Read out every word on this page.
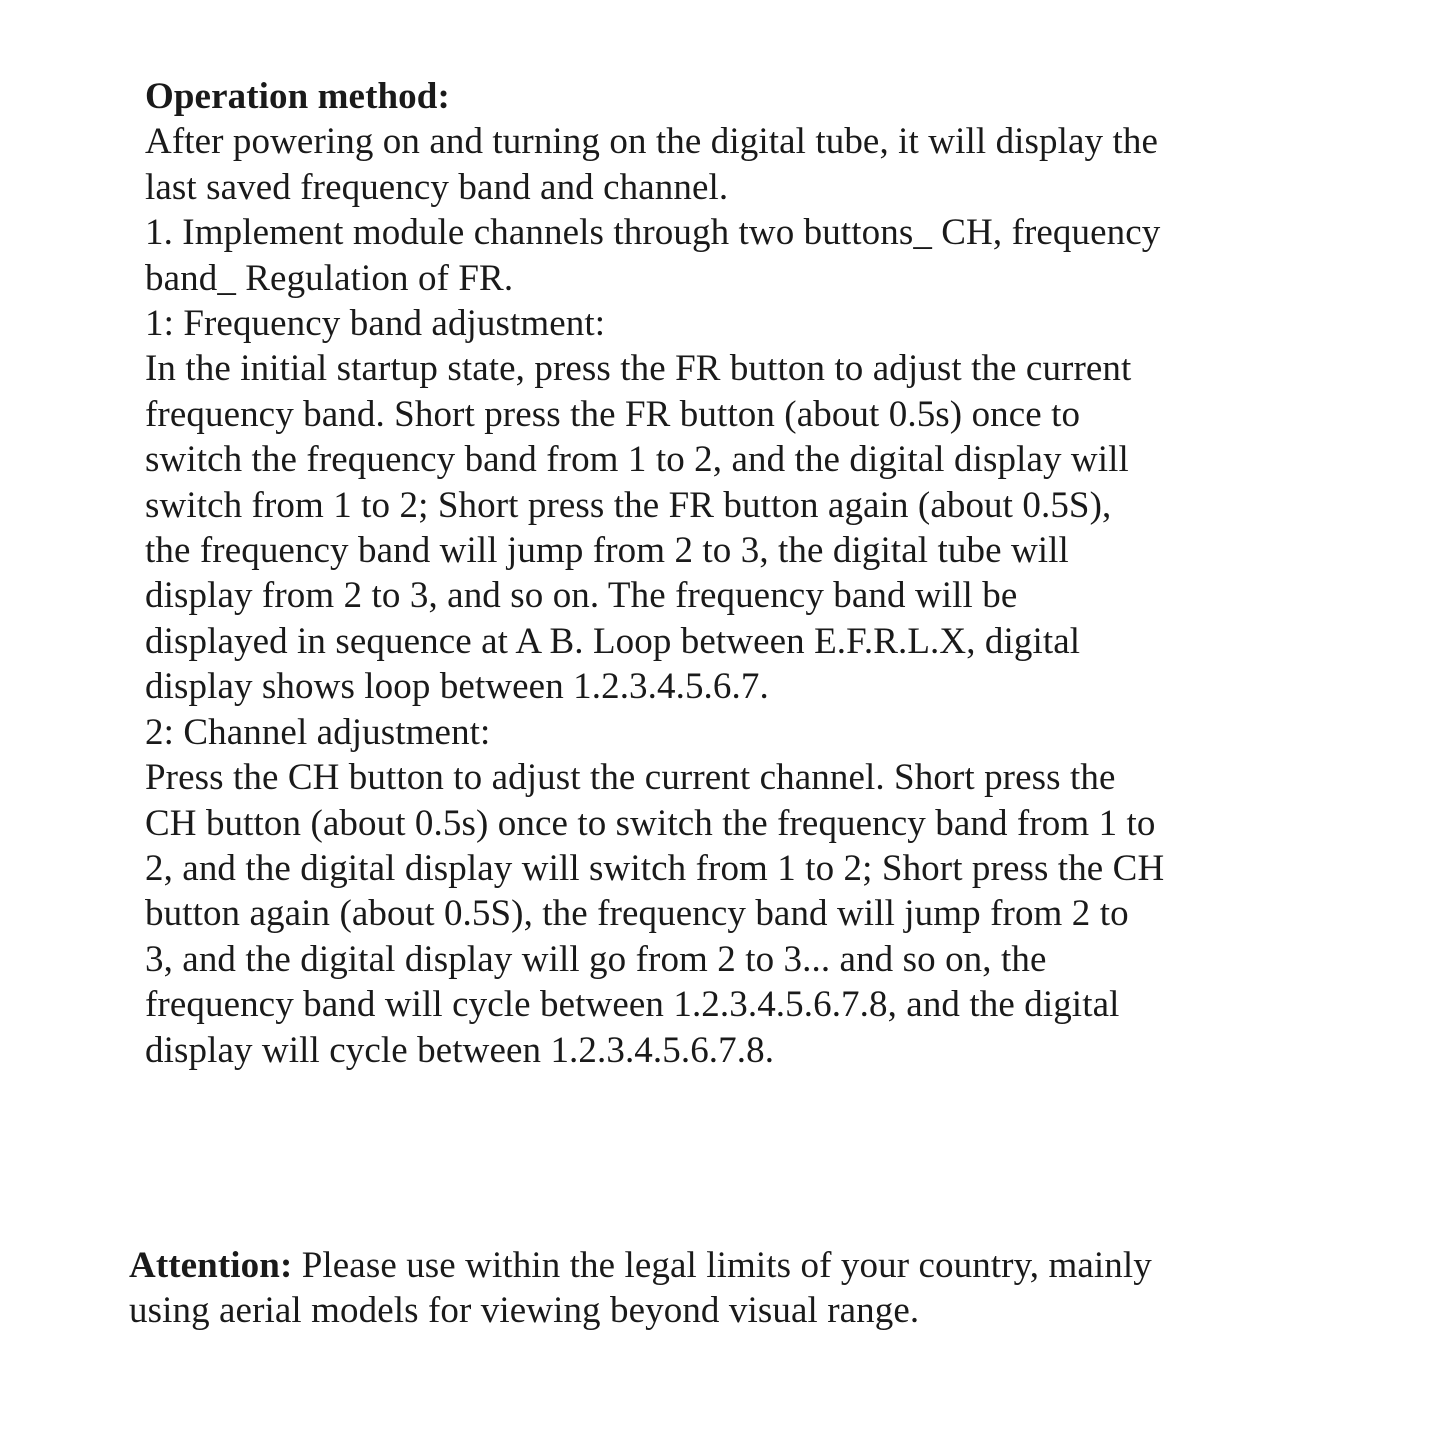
Operation method:
After powering on and turning on the digital tube, it will display the
last saved frequency band and channel.
1. Implement module channels through two buttons_ CH, frequency
band_ Regulation of FR.
1: Frequency band adjustment:
In the initial startup state, press the FR button to adjust the current
frequency band. Short press the FR button (about 0.5s) once to
switch the frequency band from 1 to 2, and the digital display will
switch from 1 to 2; Short press the FR button again (about 0.5S),
the frequency band will jump from 2 to 3, the digital tube will
display from 2 to 3, and so on. The frequency band will be
displayed in sequence at A B. Loop between E.F.R.L.X, digital
display shows loop between 1.2.3.4.5.6.7.
2: Channel adjustment:
Press the CH button to adjust the current channel. Short press the
CH button (about 0.5s) once to switch the frequency band from 1 to
2, and the digital display will switch from 1 to 2; Short press the CH
button again (about 0.5S), the frequency band will jump from 2 to
3, and the digital display will go from 2 to 3... and so on, the
frequency band will cycle between 1.2.3.4.5.6.7.8, and the digital
display will cycle between 1.2.3.4.5.6.7.8.
Attention: Please use within the legal limits of your country, mainly
using aerial models for viewing beyond visual range.
